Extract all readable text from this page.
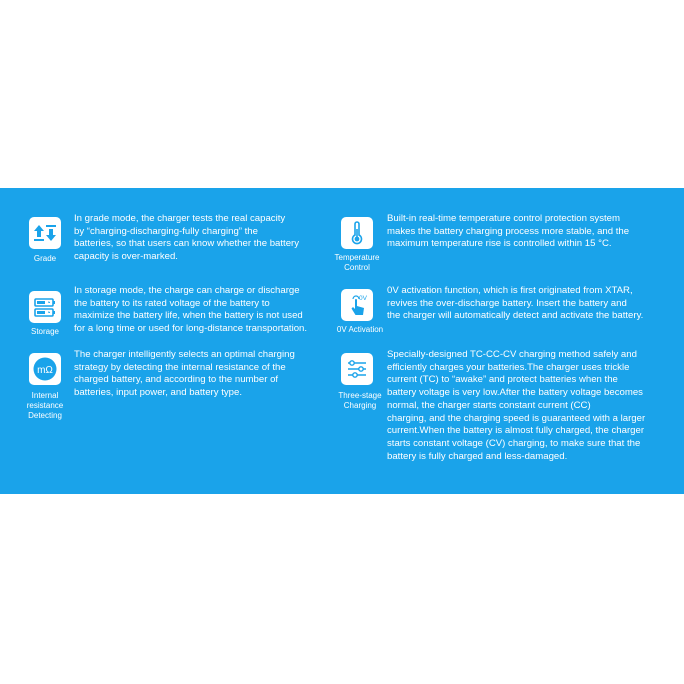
Grade

In grade mode, the charger tests the real capacity
by “charging-discharging-fully charging” the
batteries, so that users can know whether the battery
capacity is over-marked.

Storage

In storage mode, the charge can charge or discharge
the battery to its rated voltage of the battery to
maximize the battery life, when the battery is not used
for a long time or used for long-distance transportation.

mΩ
Internal
resistance
Detecting

The charger intelligently selects an optimal charging
strategy by detecting the internal resistance of the
charged battery, and according to the number of
batteries, input power, and battery type.

Temperature
Control

Built-in real-time temperature control protection system
makes the battery charging process more stable, and the
maximum temperature rise is controlled within 15 °C.

0V
0V Activation

0V activation function, which is first originated from XTAR,
revives the over-discharge battery. Insert the battery and
the charger will automatically detect and activate the battery.

Three-stage
Charging

Specially-designed TC-CC-CV charging method safely and
efficiently charges your batteries.The charger uses trickle
current (TC) to “awake” and protect batteries when the
battery voltage is very low.After the battery voltage becomes
normal, the charger starts constant current (CC)
charging, and the charging speed is guaranteed with a larger
current.When the battery is almost fully charged, the charger
starts constant voltage (CV) charging, to make sure that the
battery is fully charged and less-damaged.
